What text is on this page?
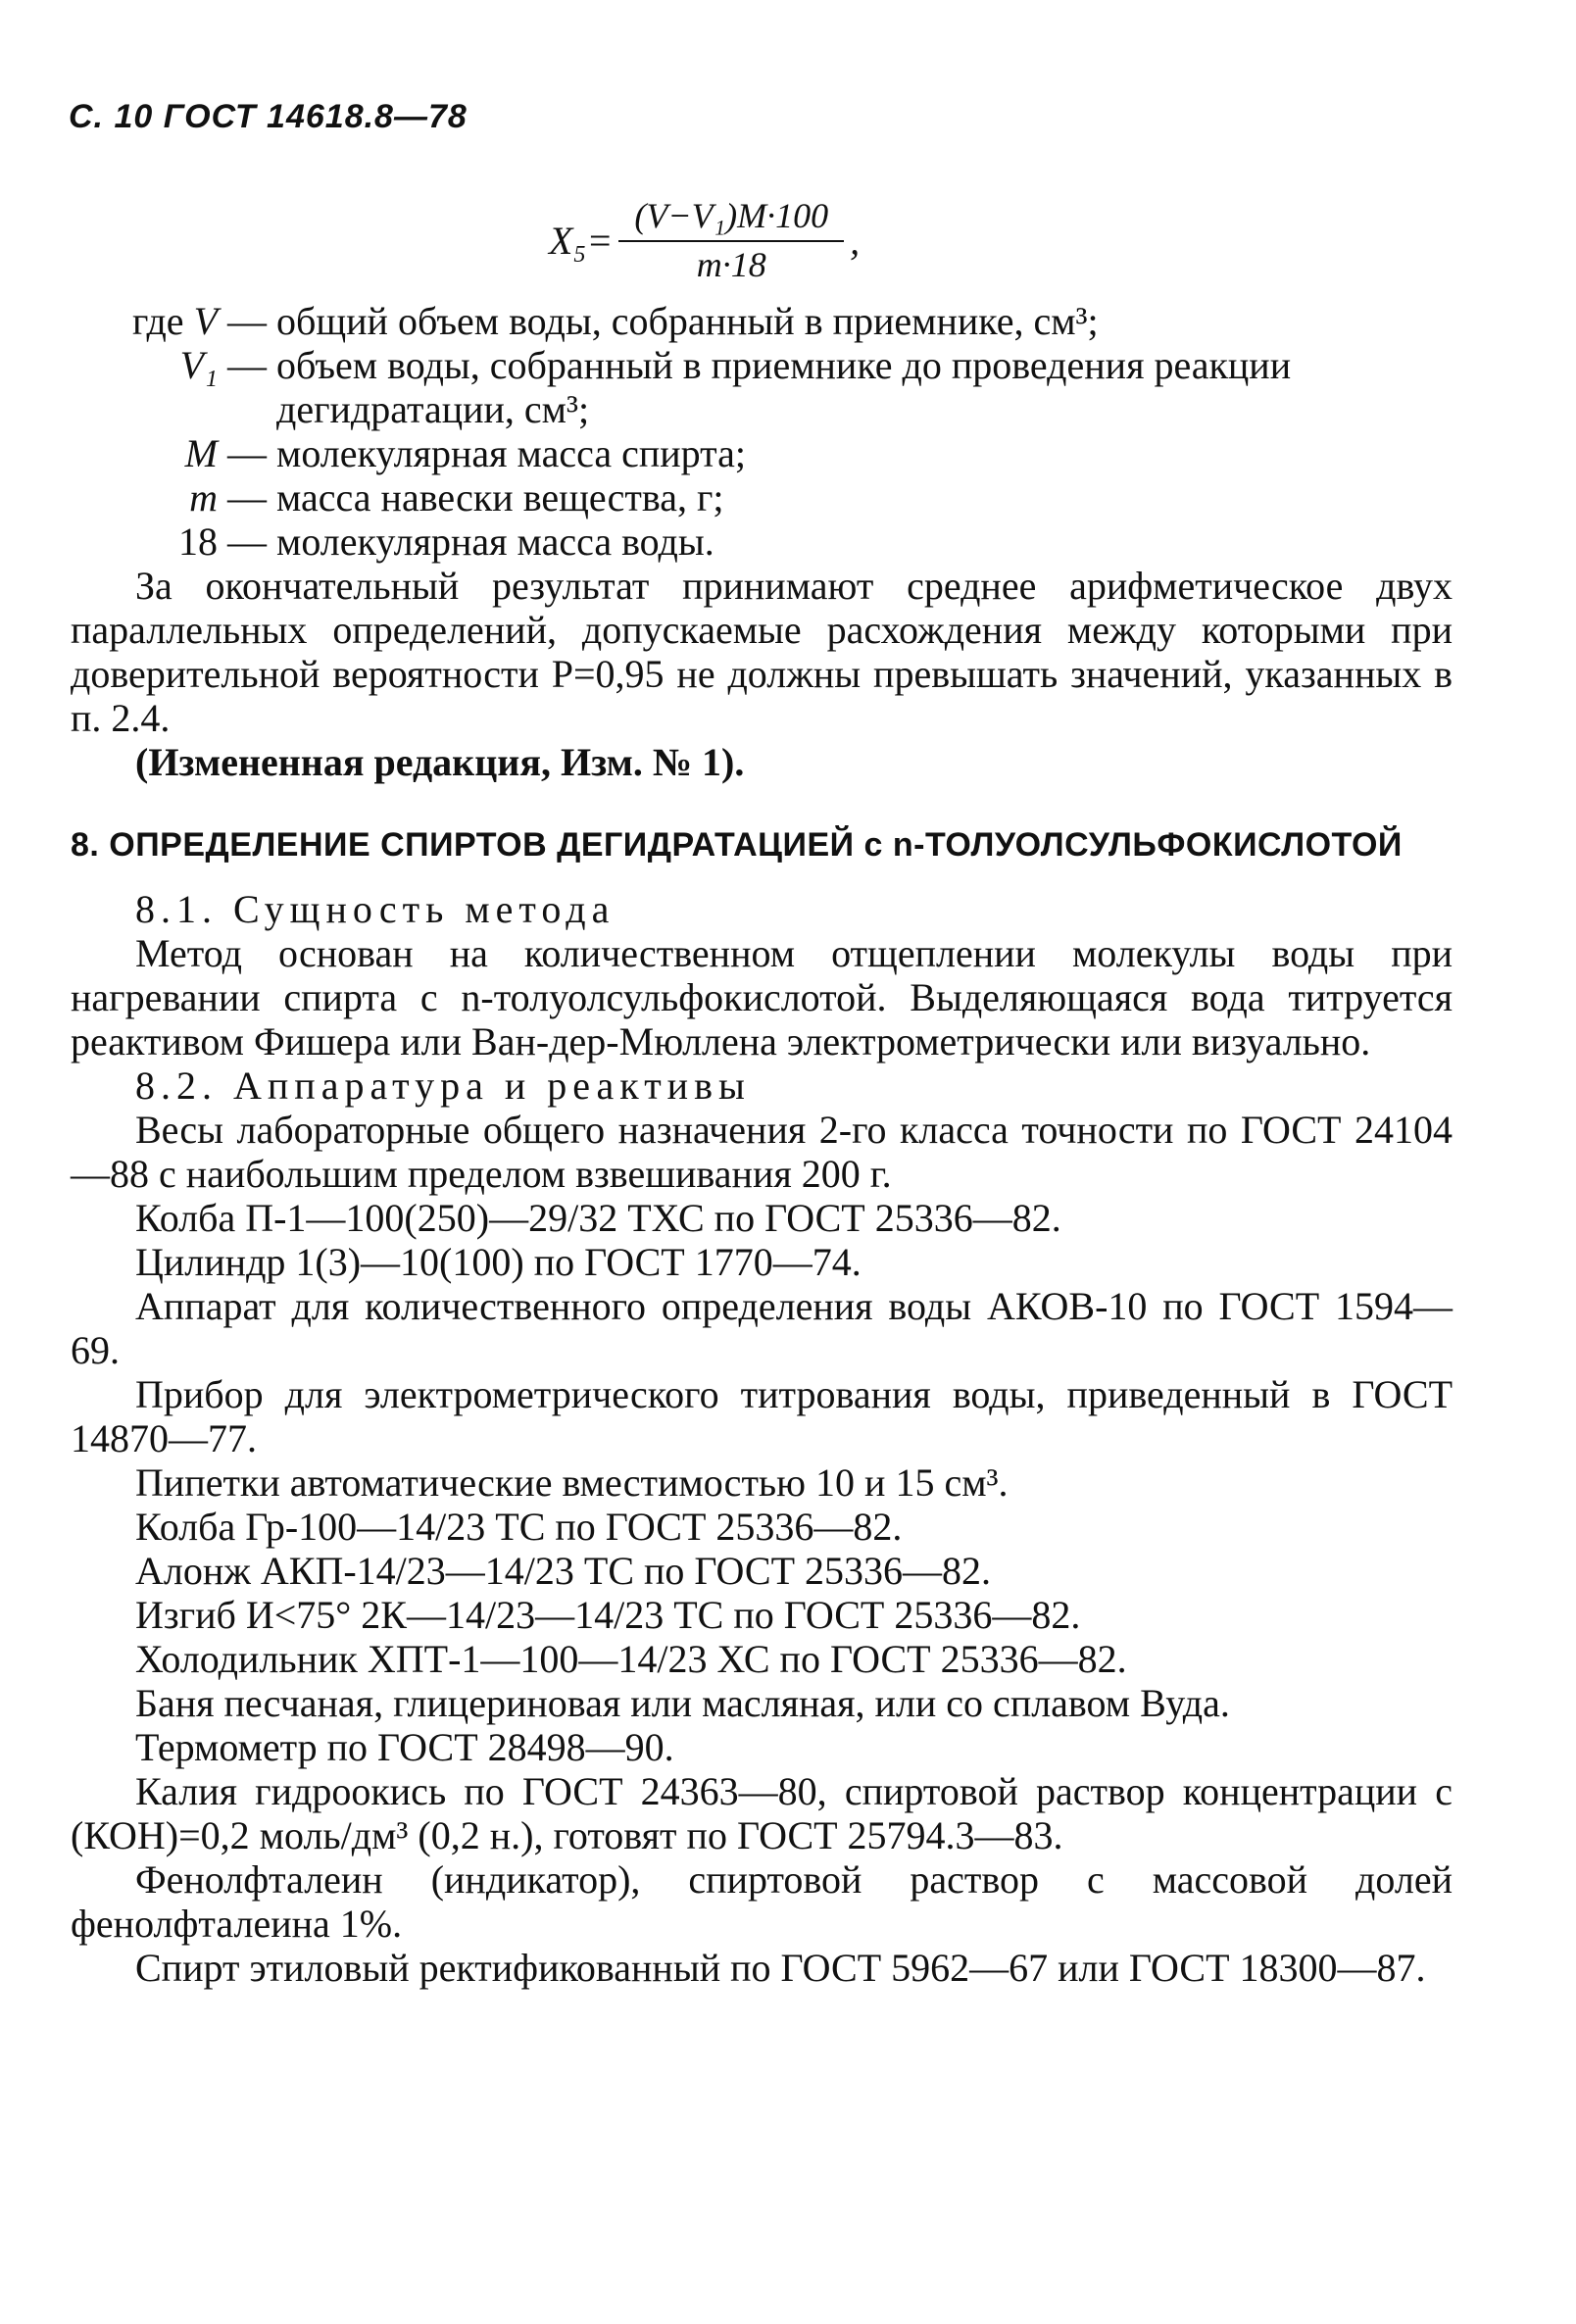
С. 10 ГОСТ 14618.8—78
$X_5= \frac{\text{(V−V₁)M·100}}{m\cdot 18}$ ,
где V — общий объем воды, собранный в приемнике, см³;
V₁ — объем воды, собранный в приемнике до проведения реакции дегидратации, см³;
M — молекулярная масса спирта;
m — масса навески вещества, г;
18 — молекулярная масса воды.

За окончательный результат принимают среднее арифметическое двух параллельных определений, допускаемые расхождения между которыми при доверительной вероятности P=0,95 не должны превышать значений, указанных в п. 2.4.

(Измененная редакция, Изм. № 1).

8. ОПРЕДЕЛЕНИЕ СПИРТОВ ДЕГИДРАТАЦИЕЙ с n-ТОЛУОЛСУЛЬФОКИСЛОТОЙ

8.1. Сущность метода

Метод основан на количественном отщеплении молекулы воды при нагревании спирта с n-толуолсульфокислотой. Выделяющаяся вода титруется реактивом Фишера или Ван-дер-Мюллена электрометрически или визуально.

8.2. Аппаратура и реактивы

Весы лабораторные общего назначения 2-го класса точности по ГОСТ 24104—88 с наибольшим пределом взвешивания 200 г.

Колба П-1—100(250)—29/32 ТХС по ГОСТ 25336—82.

Цилиндр 1(3)—10(100) по ГОСТ 1770—74.

Аппарат для количественного определения воды АКОВ-10 по ГОСТ 1594—69.

Прибор для электрометрического титрования воды, приведенный в ГОСТ 14870—77.

Пипетки автоматические вместимостью 10 и 15 см³.

Колба Гр-100—14/23 ТС по ГОСТ 25336—82.

Алонж АКП-14/23—14/23 ТС по ГОСТ 25336—82.

Изгиб И<75° 2К—14/23—14/23 ТС по ГОСТ 25336—82.

Холодильник ХПТ-1—100—14/23 ХС по ГОСТ 25336—82.

Баня песчаная, глицериновая или масляная, или со сплавом Вуда.

Термометр по ГОСТ 28498—90.

Калия гидроокись по ГОСТ 24363—80, спиртовой раствор концентрации с (КОН)=0,2 моль/дм³ (0,2 н.), готовят по ГОСТ 25794.3—83.

Фенолфталеин (индикатор), спиртовой раствор с массовой долей фенолфталеина 1%.

Спирт этиловый ректификованный по ГОСТ 5962—67 или ГОСТ 18300—87.
